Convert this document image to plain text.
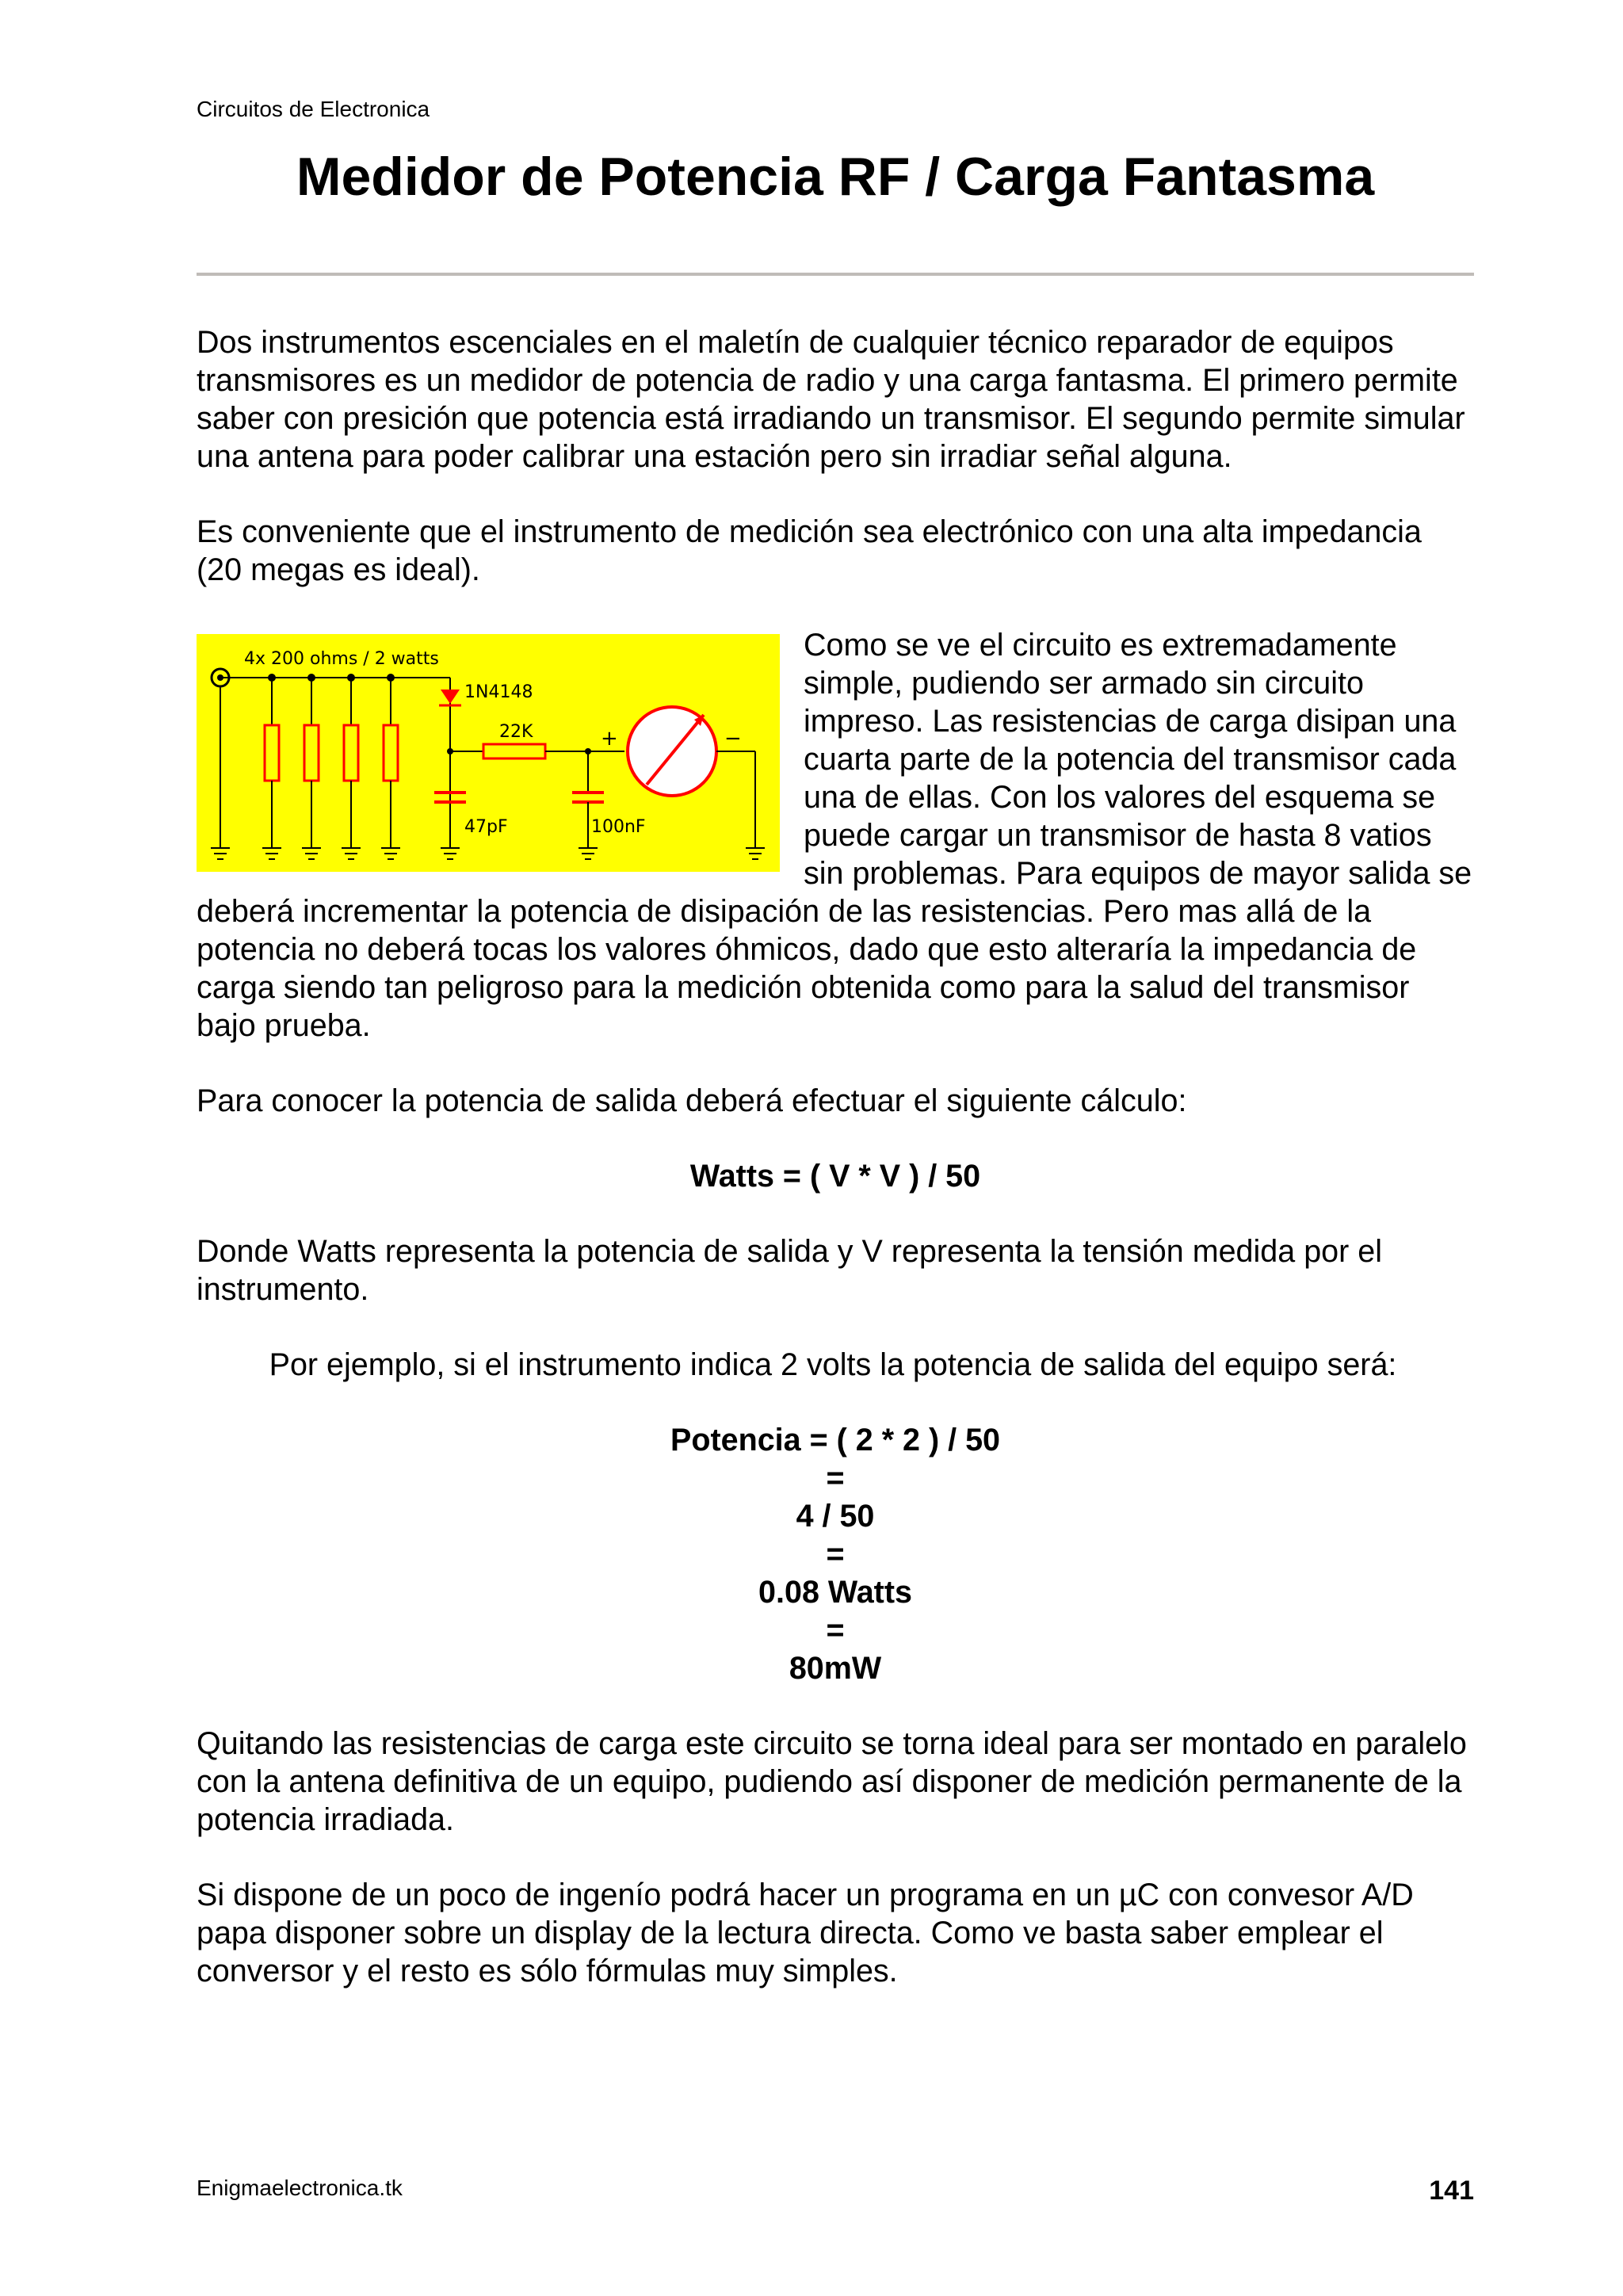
Circuitos de Electronica
Medidor de Potencia RF / Carga Fantasma

Dos instrumentos escenciales en el maletín de cualquier técnico reparador de equipos transmisores es un medidor de potencia de radio y una carga fantasma. El primero permite saber con presición que potencia está irradiando un transmisor. El segundo permite simular una antena para poder calibrar una estación pero sin irradiar señal alguna.

Es conveniente que el instrumento de medición sea electrónico con una alta impedancia (20 megas es ideal).

4x 200 ohms / 2 watts
1N4148
22K
47pF	100nF
+	−

Como se ve el circuito es extremadamente simple, pudiendo ser armado sin circuito impreso. Las resistencias de carga disipan una cuarta parte de la potencia del transmisor cada una de ellas. Con los valores del esquema se puede cargar un transmisor de hasta 8 vatios sin problemas. Para equipos de mayor salida se deberá incrementar la potencia de disipación de las resistencias. Pero mas allá de la potencia no deberá tocas los valores óhmicos, dado que esto alteraría la impedancia de carga siendo tan peligroso para la medición obtenida como para la salud del transmisor bajo prueba.

Para conocer la potencia de salida deberá efectuar el siguiente cálculo:

Watts = ( V * V ) / 50

Donde Watts representa la potencia de salida y V representa la tensión medida por el instrumento.

Por ejemplo, si el instrumento indica 2 volts la potencia de salida del equipo será:

Potencia = ( 2 * 2 ) / 50
=
4 / 50
=
0.08 Watts
=
80mW

Quitando las resistencias de carga este circuito se torna ideal para ser montado en paralelo con la antena definitiva de un equipo, pudiendo así disponer de medición permanente de la potencia irradiada.

Si dispone de un poco de ingenío podrá hacer un programa en un µC con convesor A/D papa disponer sobre un display de la lectura directa. Como ve basta saber emplear el conversor y el resto es sólo fórmulas muy simples.

Enigmaelectronica.tk	141
